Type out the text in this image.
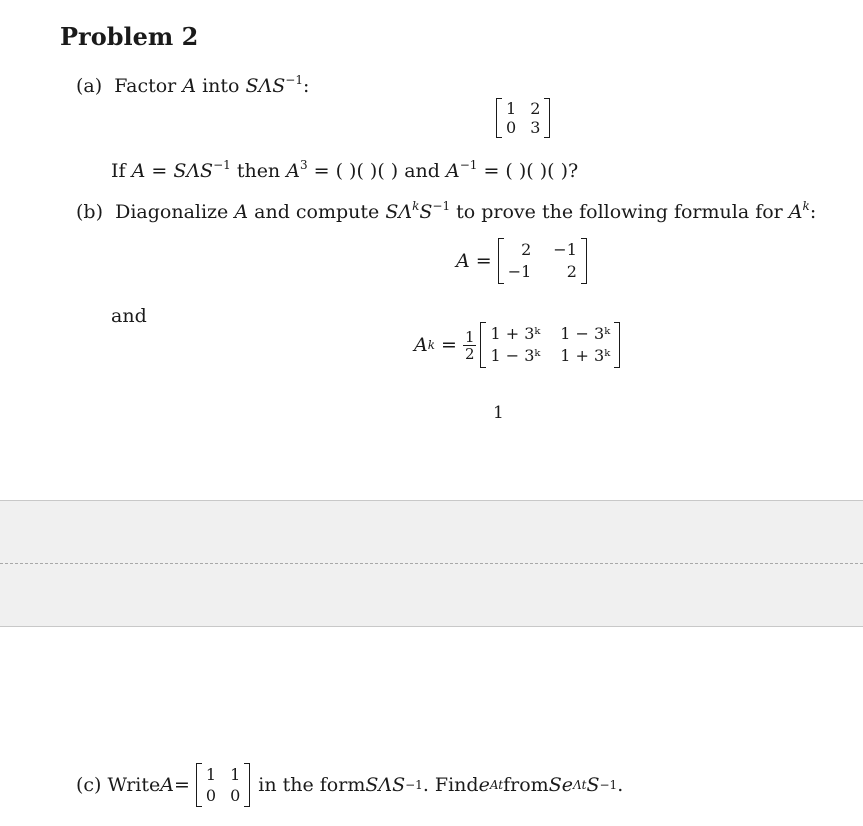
Problem 2
(a) Factor A into $S\Lambda S^{-1}$:
1 2
0 3
If $A = S\Lambda S^{-1}$ then $A^3$ = ( )( )( ) and $A^{-1}$ = ( )( )( )?
(b) Diagonalize A and compute $S\Lambda^kS^{-1}$ to prove the following formula for $A^k$:
A =
2 −1
−1	2
and
A $k = \frac{1}{2} 1$ + 3ᵏ 1 − 3ᵏ
1 − 3ᵏ 1 + 3ᵏ
1
(c)
Write A = 1 1
0 0 in the form SΛS −1 . Find e At from Se Λt S −1 .
